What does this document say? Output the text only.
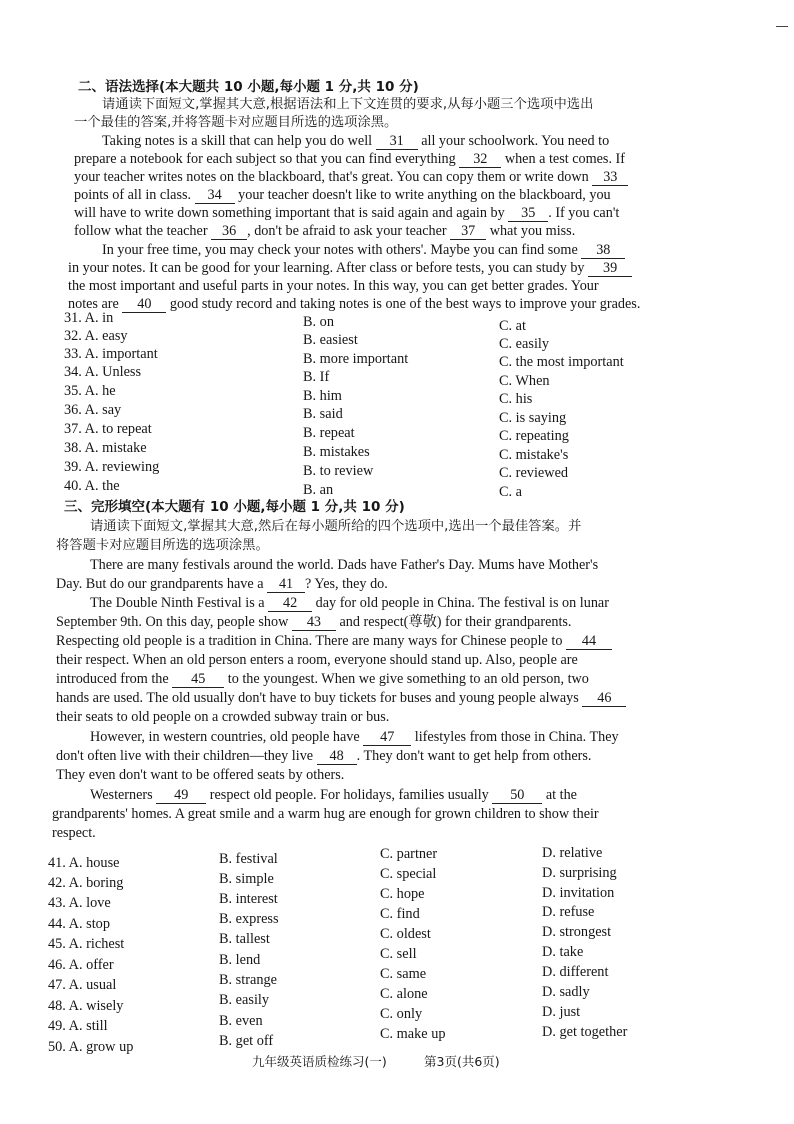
二、语法选择(本大题共 10 小题,每小题 1 分,共 10 分)
请通读下面短文,掌握其大意,根据语法和上下文连贯的要求,从每小题三个选项中选出
一个最佳的答案,并将答题卡对应题目所选的选项涂黑。
Taking notes is a skill that can help you do well 31 all your schoolwork. You need to
prepare a notebook for each subject so that you can find everything 32 when a test comes. If
your teacher writes notes on the blackboard, that's great. You can copy them or write down 33
points of all in class. 34 your teacher doesn't like to write anything on the blackboard, you
will have to write down something important that is said again and again by 35 . If you can't
follow what the teacher 36 , don't be afraid to ask your teacher 37 what you miss.
In your free time, you may check your notes with others'. Maybe you can find some 38
in your notes. It can be good for your learning. After class or before tests, you can study by 39
the most important and useful parts in your notes. In this way, you can get better grades. Your
notes are 40 good study record and taking notes is one of the best ways to improve your grades.
31. A. in	B. on	C. at
32. A. easy	B. easiest	C. easily
33. A. important	B. more important	C. the most important
34. A. Unless	B. If	C. When
35. A. he	B. him	C. his
36. A. say	B. said	C. is saying
37. A. to repeat	B. repeat	C. repeating
38. A. mistake	B. mistakes	C. mistake's
39. A. reviewing	B. to review	C. reviewed
40. A. the	B. an	C. a
三、完形填空(本大题有 10 小题,每小题 1 分,共 10 分)
请通读下面短文,掌握其大意,然后在每小题所给的四个选项中,选出一个最佳答案。并
将答题卡对应题目所选的选项涂黑。
There are many festivals around the world. Dads have Father's Day. Mums have Mother's
Day. But do our grandparents have a 41 ? Yes, they do.
The Double Ninth Festival is a 42 day for old people in China. The festival is on lunar
September 9th. On this day, people show 43 and respect(尊敬) for their grandparents.
Respecting old people is a tradition in China. There are many ways for Chinese people to 44
their respect. When an old person enters a room, everyone should stand up. Also, people are
introduced from the 45 to the youngest. When we give something to an old person, two
hands are used. The old usually don't have to buy tickets for buses and young people always 46
their seats to old people on a crowded subway train or bus.
However, in western countries, old people have 47 lifestyles from those in China. They
don't often live with their children—they live 48 . They don't want to get help from others.
They even don't want to be offered seats by others.
Westerners 49 respect old people. For holidays, families usually 50 at the
grandparents' homes. A great smile and a warm hug are enough for grown children to show their
respect.
41. A. house	B. festival	C. partner	D. relative
42. A. boring	B. simple	C. special	D. surprising
43. A. love	B. interest	C. hope	D. invitation
44. A. stop	B. express	C. find	D. refuse
45. A. richest	B. tallest	C. oldest	D. strongest
46. A. offer	B. lend	C. sell	D. take
47. A. usual	B. strange	C. same	D. different
48. A. wisely	B. easily	C. alone	D. sadly
49. A. still	B. even	C. only	D. just
50. A. grow up	B. get off	C. make up	D. get together
九年级英语质检练习(一)	第3页(共6页)
